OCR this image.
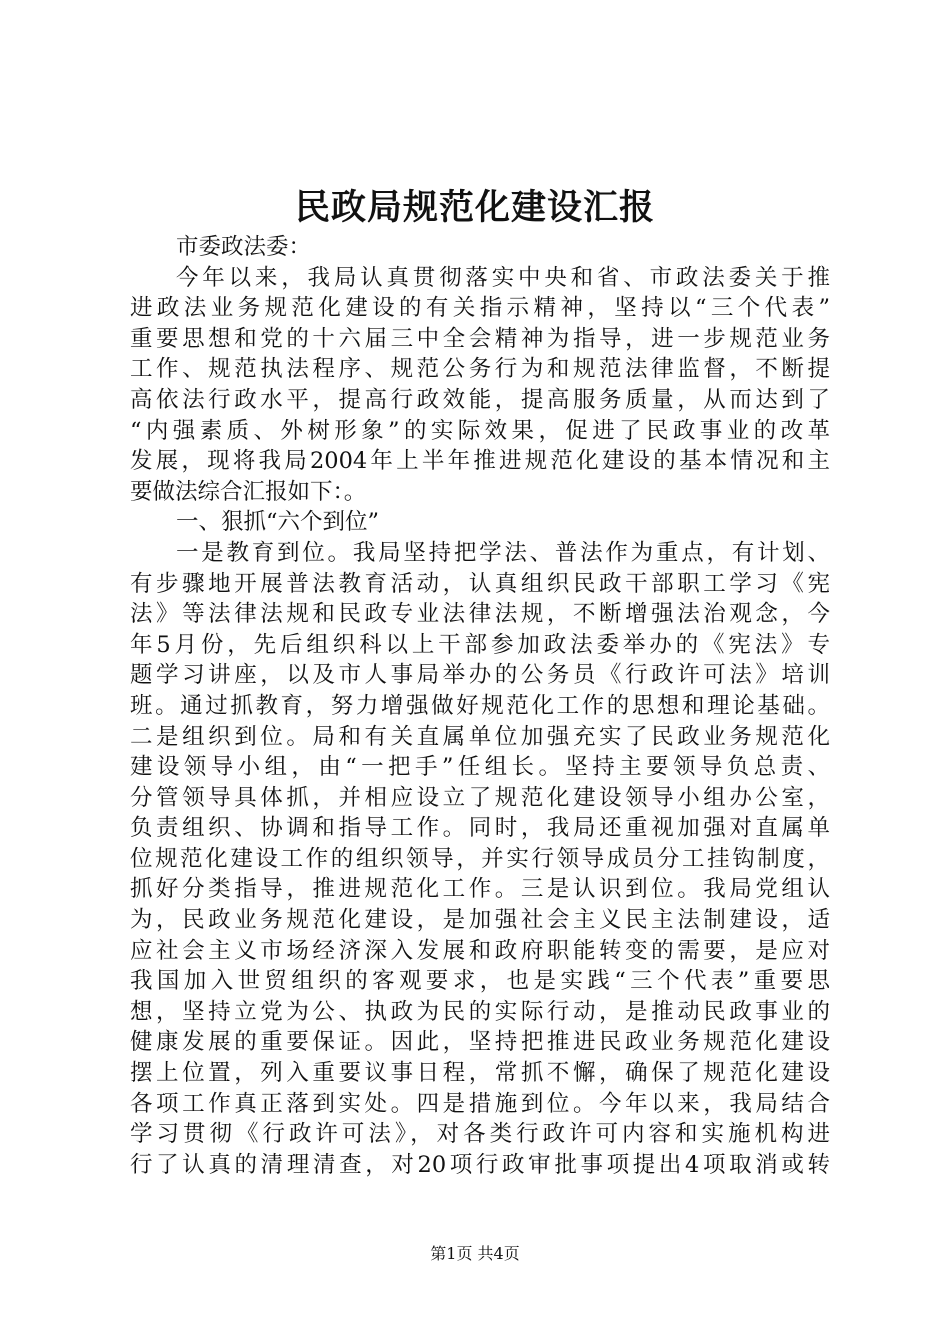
民政局规范化建设汇报
市委政法委：
今年以来，我局认真贯彻落实中央和省、市政法委关于推
进政法业务规范化建设的有关指示精神，坚持以“三个代表”
重要思想和党的十六届三中全会精神为指导，进一步规范业务
工作、规范执法程序、规范公务行为和规范法律监督，不断提
高依法行政水平，提高行政效能，提高服务质量，从而达到了
“内强素质、外树形象”的实际效果，促进了民政事业的改革
发展，现将我局2004年上半年推进规范化建设的基本情况和主
要做法综合汇报如下：。
一、狠抓“六个到位”
一是教育到位。我局坚持把学法、普法作为重点，有计划、
有步骤地开展普法教育活动，认真组织民政干部职工学习《宪
法》等法律法规和民政专业法律法规，不断增强法治观念，今
年5月份，先后组织科以上干部参加政法委举办的《宪法》专
题学习讲座，以及市人事局举办的公务员《行政许可法》培训
班。通过抓教育，努力增强做好规范化工作的思想和理论基础。
二是组织到位。局和有关直属单位加强充实了民政业务规范化
建设领导小组，由“一把手”任组长。坚持主要领导负总责、
分管领导具体抓，并相应设立了规范化建设领导小组办公室，
负责组织、协调和指导工作。同时，我局还重视加强对直属单
位规范化建设工作的组织领导，并实行领导成员分工挂钩制度，
抓好分类指导，推进规范化工作。三是认识到位。我局党组认
为，民政业务规范化建设，是加强社会主义民主法制建设，适
应社会主义市场经济深入发展和政府职能转变的需要，是应对
我国加入世贸组织的客观要求，也是实践“三个代表”重要思
想，坚持立党为公、执政为民的实际行动，是推动民政事业的
健康发展的重要保证。因此，坚持把推进民政业务规范化建设
摆上位置，列入重要议事日程，常抓不懈，确保了规范化建设
各项工作真正落到实处。四是措施到位。今年以来，我局结合
学习贯彻《行政许可法》，对各类行政许可内容和实施机构进
行了认真的清理清查，对20项行政审批事项提出4项取消或转
第1页 共4页
